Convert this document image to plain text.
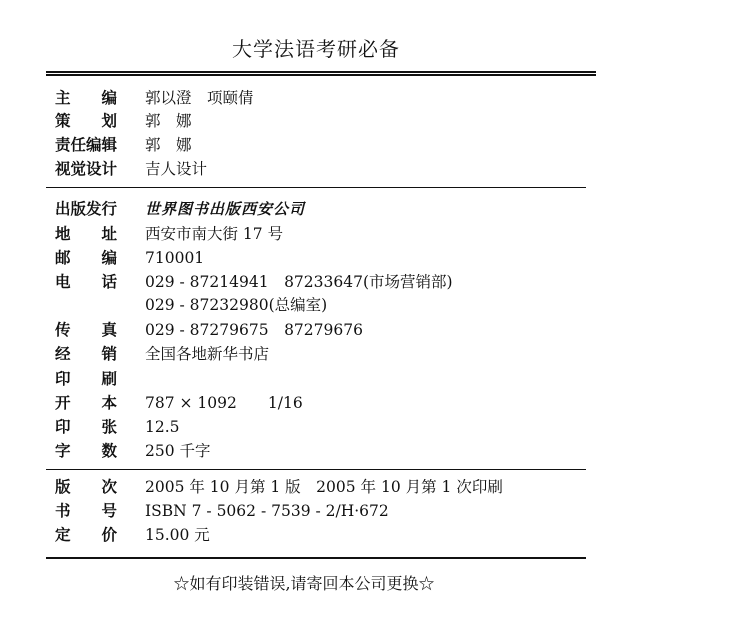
大学法语考研必备
主　　编	郭以澄　项颐倩
策　　划	郭　娜
责任编辑	郭　娜
视觉设计	吉人设计
出版发行	世界图书出版西安公司
地　　址	西安市南大街 17 号
邮　　编	710001
电　　话	029 - 87214941　87233647(市场营销部)
029 - 87232980(总编室)
传　　真	029 - 87279675　87279676
经　　销	全国各地新华书店
印　　刷
开　　本	787 × 1092　　1/16
印　　张	12.5
字　　数	250 千字
版　　次	2005 年 10 月第 1 版　2005 年 10 月第 1 次印刷
书　　号	ISBN 7 - 5062 - 7539 - 2/H·672
定　　价	15.00 元
☆如有印装错误,请寄回本公司更换☆
